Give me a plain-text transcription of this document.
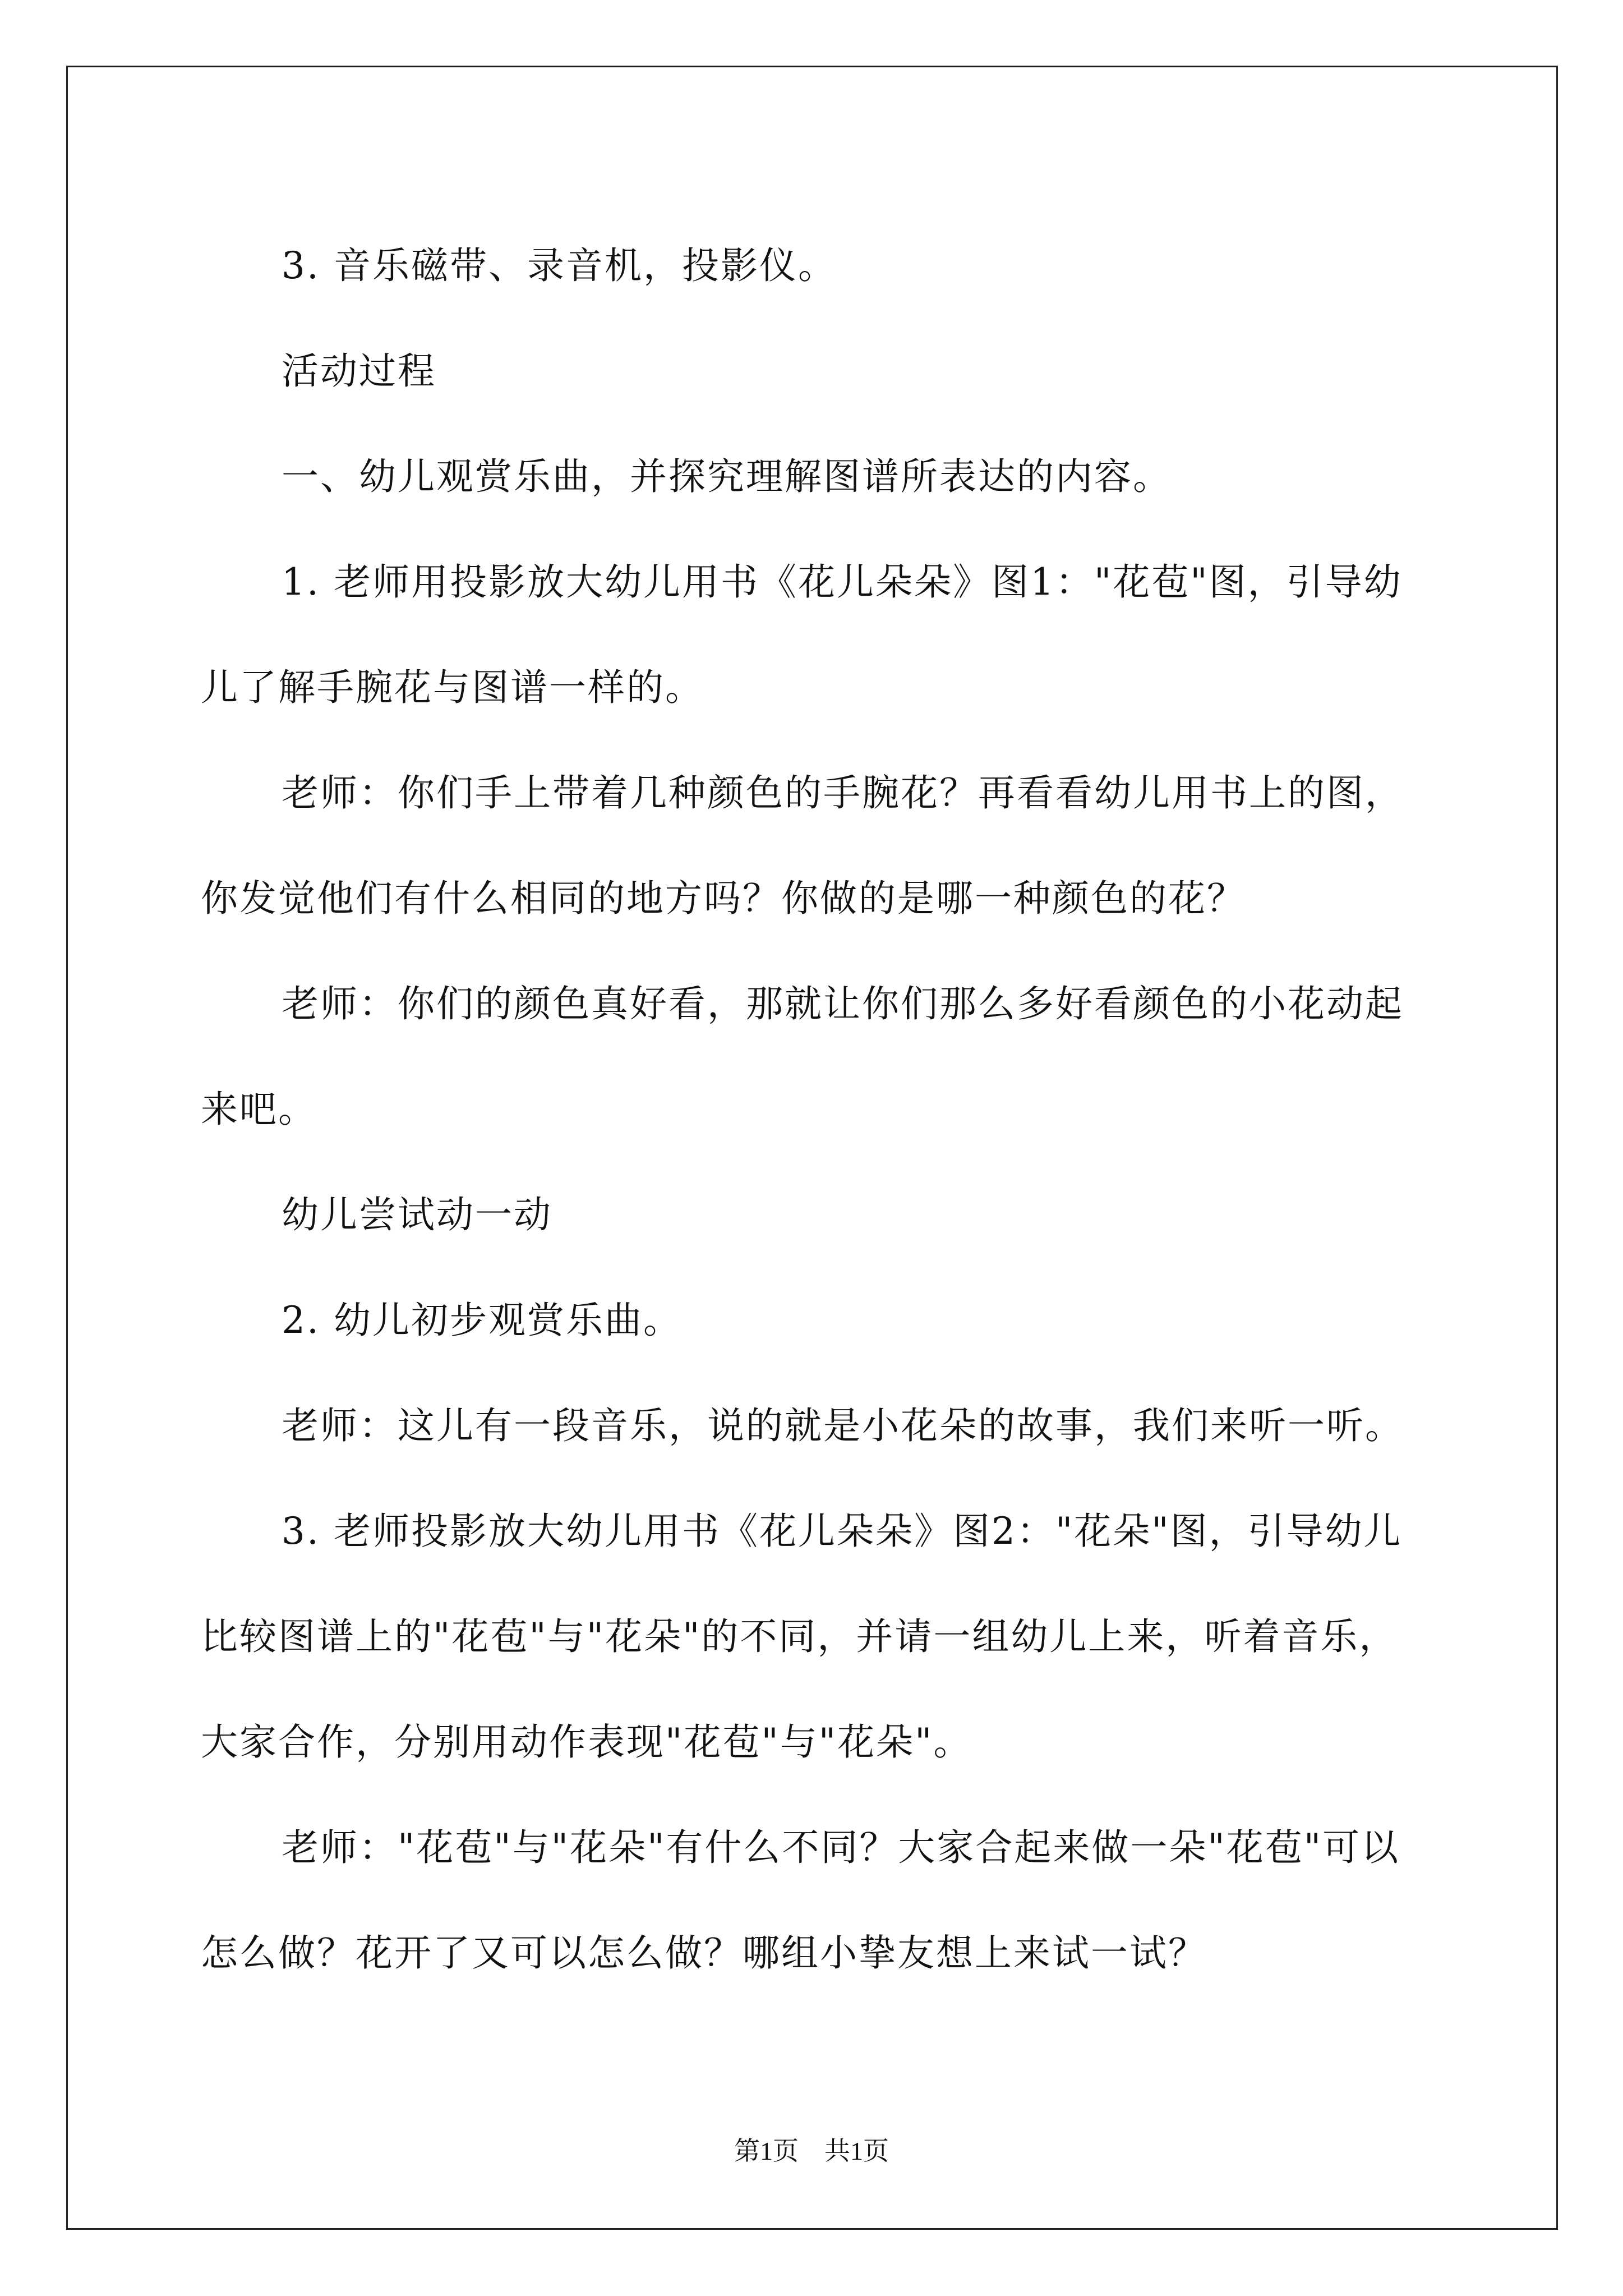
3. 音乐磁带、录音机，投影仪。

活动过程

一、幼儿观赏乐曲，并探究理解图谱所表达的内容。

1. 老师用投影放大幼儿用书《花儿朵朵》图1："花苞"图，引导幼儿了解手腕花与图谱一样的。

老师：你们手上带着几种颜色的手腕花？再看看幼儿用书上的图，你发觉他们有什么相同的地方吗？你做的是哪一种颜色的花？

老师：你们的颜色真好看，那就让你们那么多好看颜色的小花动起来吧。

幼儿尝试动一动

2. 幼儿初步观赏乐曲。

老师：这儿有一段音乐，说的就是小花朵的故事，我们来听一听。

3. 老师投影放大幼儿用书《花儿朵朵》图2："花朵"图，引导幼儿比较图谱上的"花苞"与"花朵"的不同，并请一组幼儿上来，听着音乐，大家合作，分别用动作表现"花苞"与"花朵"。

老师："花苞"与"花朵"有什么不同？大家合起来做一朵"花苞"可以怎么做？花开了又可以怎么做？哪组小挚友想上来试一试？

第1页　共1页
